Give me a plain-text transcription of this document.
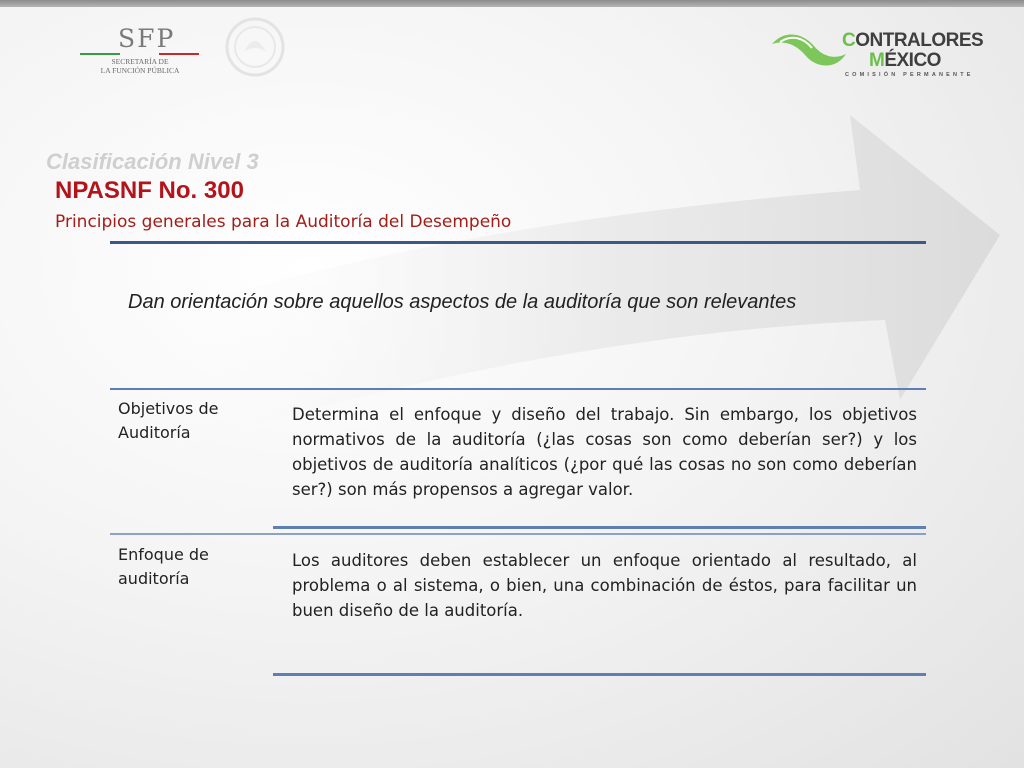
SFP
SECRETARÍA DE
LA FUNCIÓN PÚBLICA
CONTRALORES
MÉXICO
COMISIÓN PERMANENTE
Clasificación Nivel 3
NPASNF No. 300
Principios generales para la Auditoría del Desempeño
Dan orientación sobre aquellos aspectos de la auditoría que son relevantes
Objetivos de Auditoría
Determina el enfoque y diseño del trabajo. Sin embargo, los objetivos normativos de la auditoría (¿las cosas son como deberían ser?) y los objetivos de auditoría analíticos (¿por qué las cosas no son como deberían ser?) son más propensos a agregar valor.
Enfoque de auditoría
Los auditores deben establecer un enfoque orientado al resultado, al problema o al sistema, o bien, una combinación de éstos, para facilitar un buen diseño de la auditoría.
